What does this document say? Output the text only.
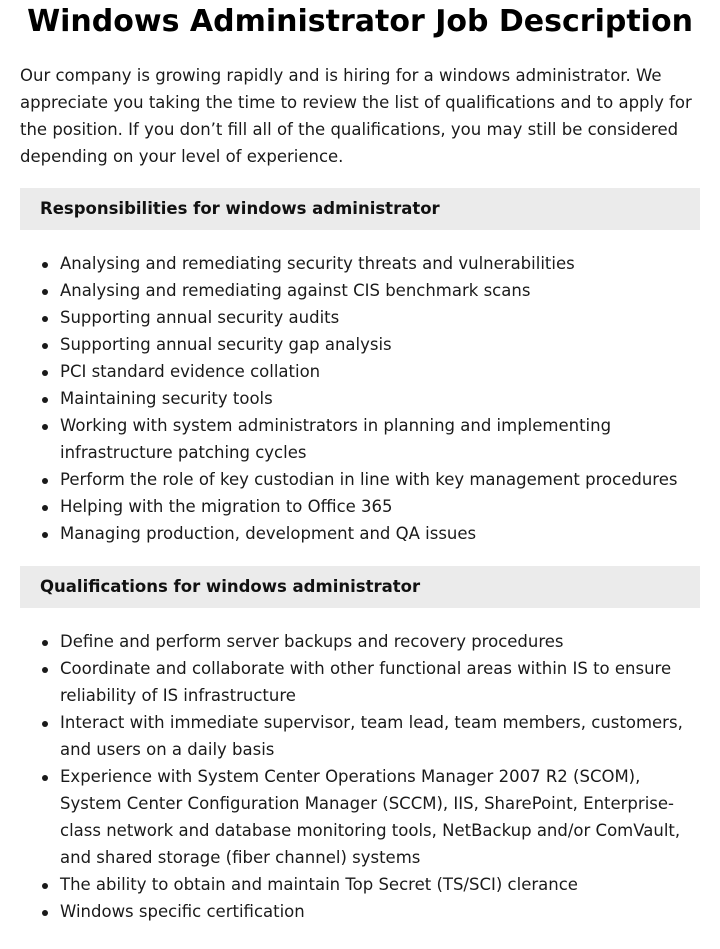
Windows Administrator Job Description

Our company is growing rapidly and is hiring for a windows administrator. We appreciate you taking the time to review the list of qualifications and to apply for the position. If you don’t fill all of the qualifications, you may still be considered depending on your level of experience.

Responsibilities for windows administrator
Analysing and remediating security threats and vulnerabilities
Analysing and remediating against CIS benchmark scans
Supporting annual security audits
Supporting annual security gap analysis
PCI standard evidence collation
Maintaining security tools
Working with system administrators in planning and implementing infrastructure patching cycles
Perform the role of key custodian in line with key management procedures
Helping with the migration to Office 365
Managing production, development and QA issues
Qualifications for windows administrator
Define and perform server backups and recovery procedures
Coordinate and collaborate with other functional areas within IS to ensure reliability of IS infrastructure
Interact with immediate supervisor, team lead, team members, customers, and users on a daily basis
Experience with System Center Operations Manager 2007 R2 (SCOM), System Center Configuration Manager (SCCM), IIS, SharePoint, Enterprise-class network and database monitoring tools, NetBackup and/or ComVault, and shared storage (fiber channel) systems
The ability to obtain and maintain Top Secret (TS/SCI) clerance
Windows specific certification
